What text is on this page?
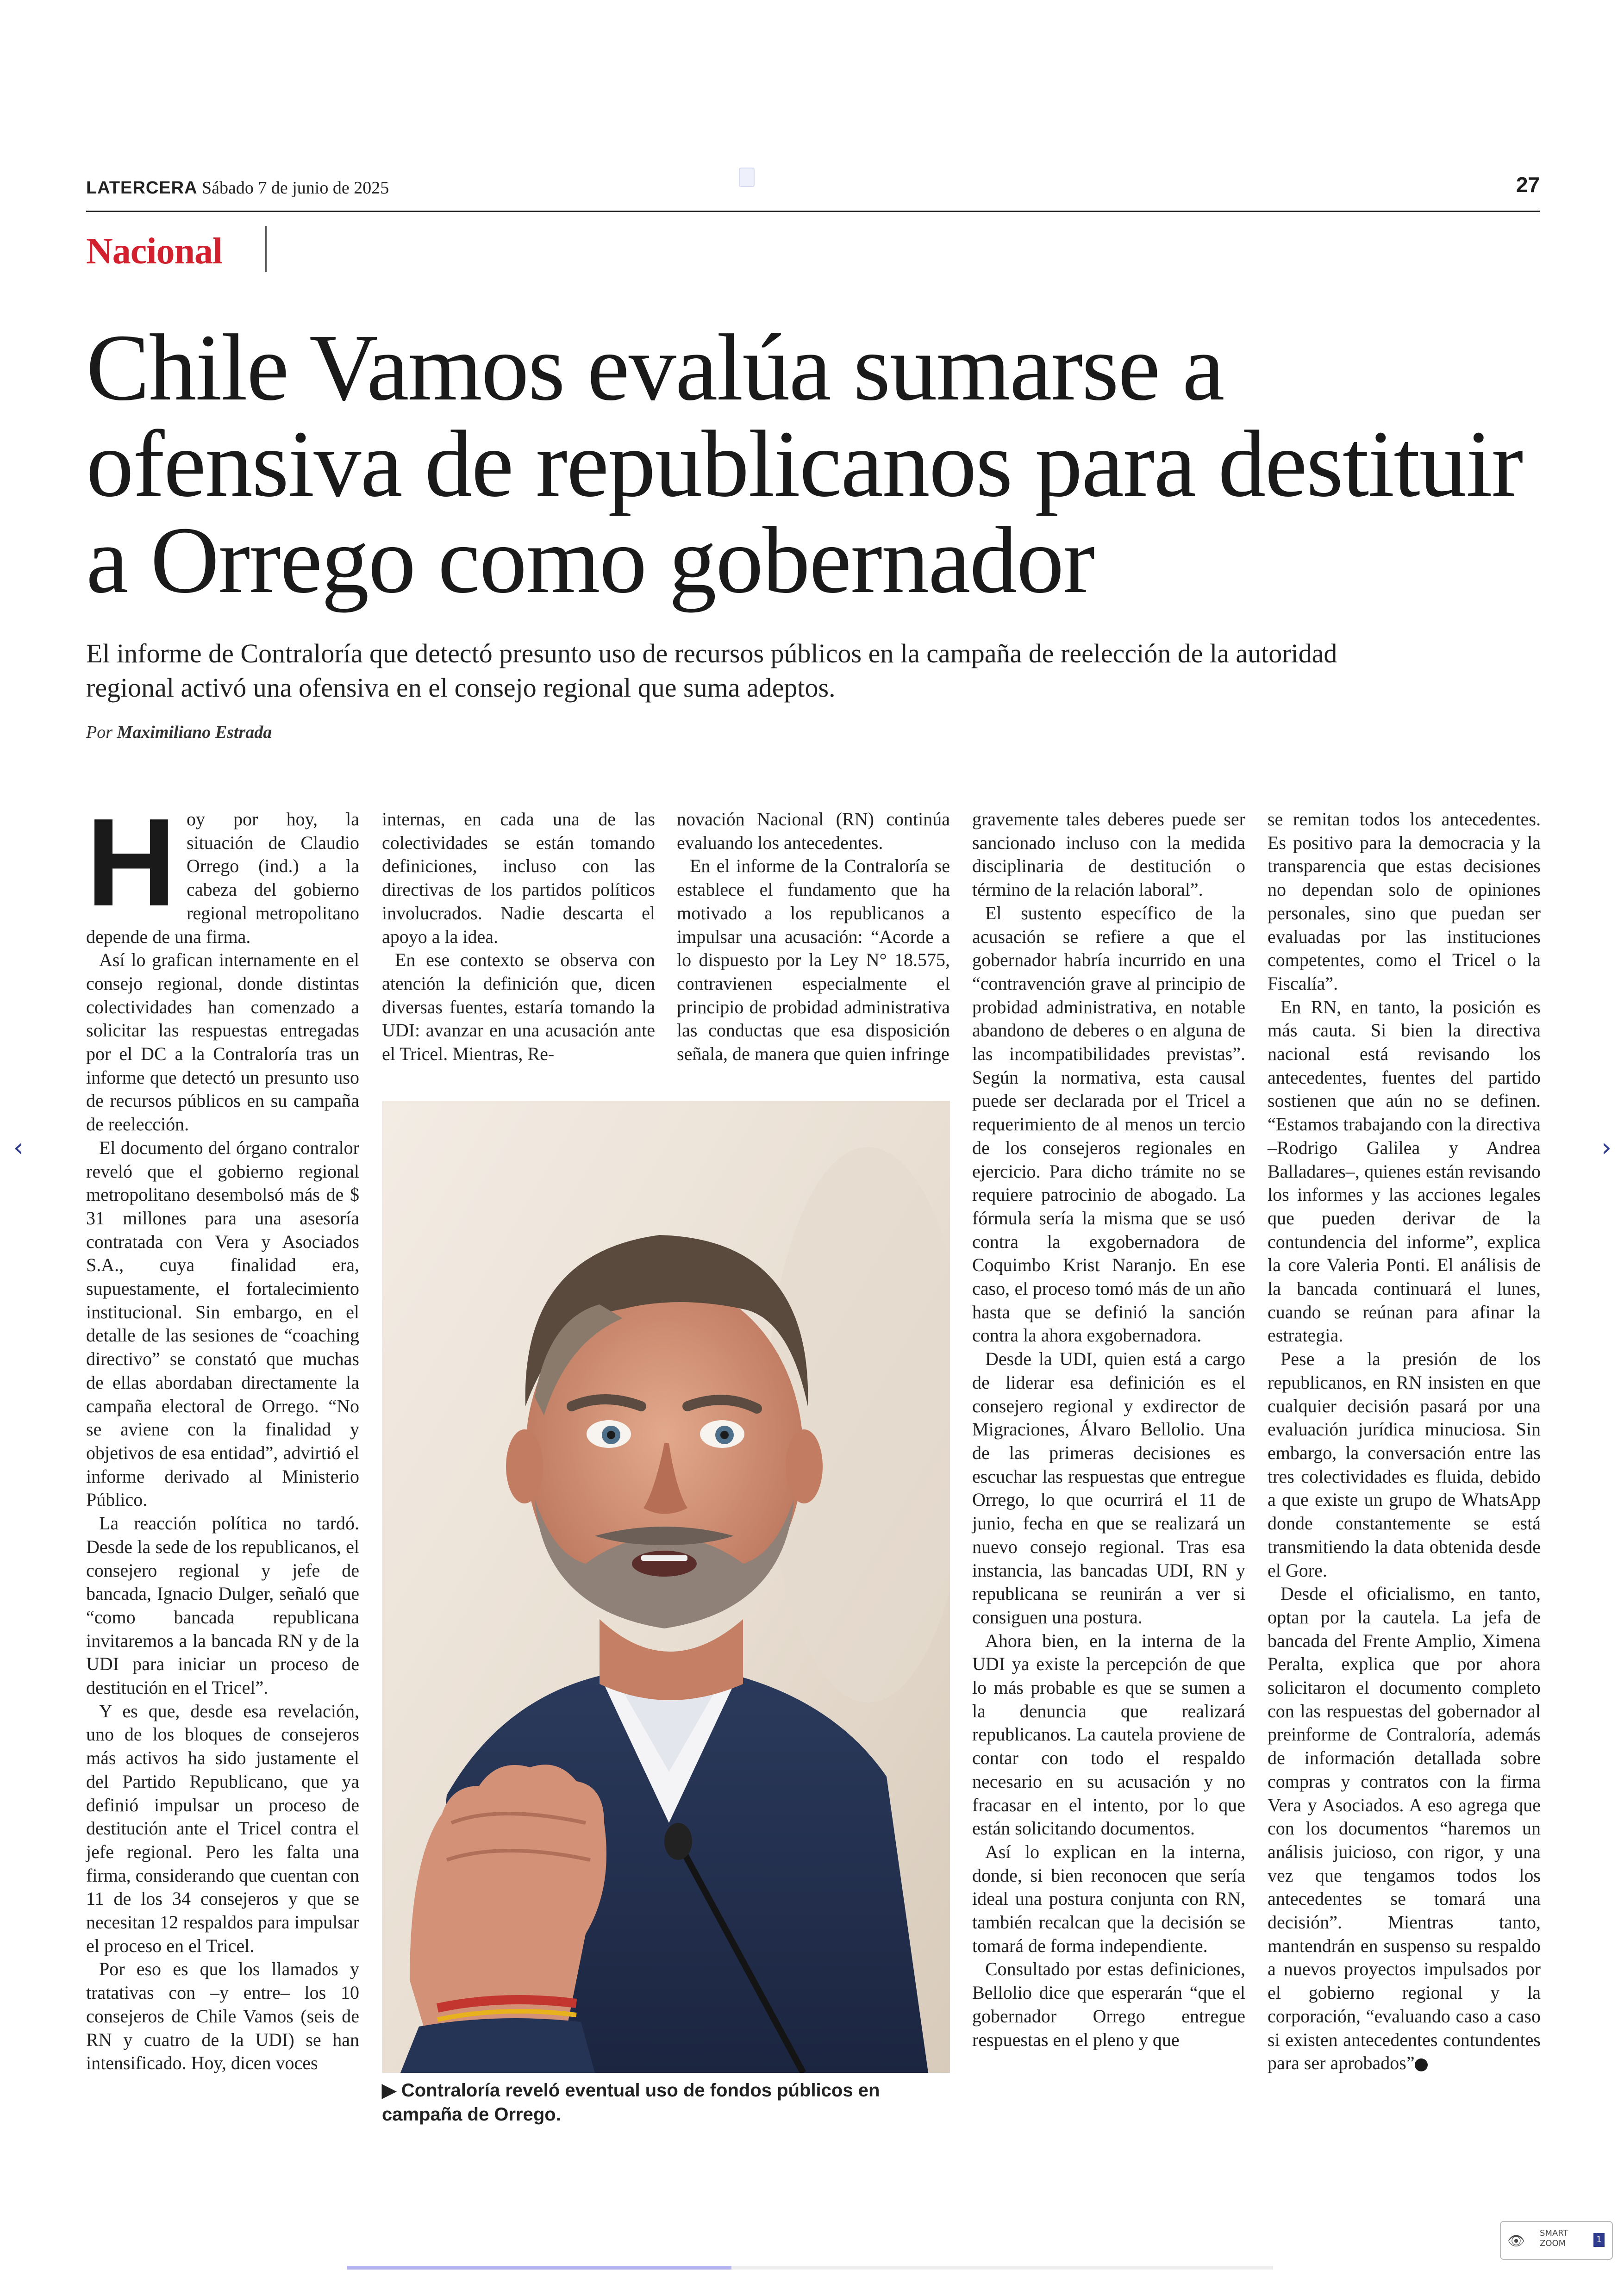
LATERCERA Sábado 7 de junio de 2025	27
Nacional
Chile Vamos evalúa sumarse a ofensiva de republicanos para destituir a Orrego como gobernador
El informe de Contraloría que detectó presunto uso de recursos públicos en la campaña de reelección de la autoridad regional activó una ofensiva en el consejo regional que suma adeptos.
Por Maximiliano Estrada

Hoy por hoy, la situación de Claudio Orrego (ind.) a la cabeza del gobierno regional metropolitano depende de una firma.

Así lo grafican internamente en el consejo regional, donde distintas colectividades han comenzado a solicitar las respuestas entregadas por el DC a la Contraloría tras un informe que detectó un presunto uso de recursos públicos en su campaña de reelección.

El documento del órgano contralor reveló que el gobierno regional metropolitano desembolsó más de $ 31 millones para una asesoría contratada con Vera y Asociados S.A., cuya finalidad era, supuestamente, el fortalecimiento institucional. Sin embargo, en el detalle de las sesiones de “coaching directivo” se constató que muchas de ellas abordaban directamente la campaña electoral de Orrego. “No se aviene con la finalidad y objetivos de esa entidad”, advirtió el informe derivado al Ministerio Público.

La reacción política no tardó. Desde la sede de los republicanos, el consejero regional y jefe de bancada, Ignacio Dulger, señaló que “como bancada republicana invitaremos a la bancada RN y de la UDI para iniciar un proceso de destitución en el Tricel”.

Y es que, desde esa revelación, uno de los bloques de consejeros más activos ha sido justamente el del Partido Republicano, que ya definió impulsar un proceso de destitución ante el Tricel contra el jefe regional. Pero les falta una firma, considerando que cuentan con 11 de los 34 consejeros y que se necesitan 12 respaldos para impulsar el proceso en el Tricel.

Por eso es que los llamados y tratativas con –y entre– los 10 consejeros de Chile Vamos (seis de RN y cuatro de la UDI) se han intensificado. Hoy, dicen voces

internas, en cada una de las colectividades se están tomando definiciones, incluso con las directivas de los partidos políticos involucrados. Nadie descarta el apoyo a la idea.

En ese contexto se observa con atención la definición que, dicen diversas fuentes, estaría tomando la UDI: avanzar en una acusación ante el Tricel. Mientras, Re-

novación Nacional (RN) continúa evaluando los antecedentes.

En el informe de la Contraloría se establece el fundamento que ha motivado a los republicanos a impulsar una acusación: “Acorde a lo dispuesto por la Ley N° 18.575, contravienen especialmente el principio de probidad administrativa las conductas que esa disposición señala, de manera que quien infringe

gravemente tales deberes puede ser sancionado incluso con la medida disciplinaria de destitución o término de la relación laboral”.

El sustento específico de la acusación se refiere a que el gobernador habría incurrido en una “contravención grave al principio de probidad administrativa, en notable abandono de deberes o en alguna de las incompatibilidades previstas”. Según la normativa, esta causal puede ser declarada por el Tricel a requerimiento de al menos un tercio de los consejeros regionales en ejercicio. Para dicho trámite no se requiere patrocinio de abogado. La fórmula sería la misma que se usó contra la exgobernadora de Coquimbo Krist Naranjo. En ese caso, el proceso tomó más de un año hasta que se definió la sanción contra la ahora exgobernadora.

Desde la UDI, quien está a cargo de liderar esa definición es el consejero regional y exdirector de Migraciones, Álvaro Bellolio. Una de las primeras decisiones es escuchar las respuestas que entregue Orrego, lo que ocurrirá el 11 de junio, fecha en que se realizará un nuevo consejo regional. Tras esa instancia, las bancadas UDI, RN y republicana se reunirán a ver si consiguen una postura.

Ahora bien, en la interna de la UDI ya existe la percepción de que lo más probable es que se sumen a la denuncia que realizará republicanos. La cautela proviene de contar con todo el respaldo necesario en su acusación y no fracasar en el intento, por lo que están solicitando documentos.

Así lo explican en la interna, donde, si bien reconocen que sería ideal una postura conjunta con RN, también recalcan que la decisión se tomará de forma independiente.

Consultado por estas definiciones, Bellolio dice que esperarán “que el gobernador Orrego entregue respuestas en el pleno y que

se remitan todos los antecedentes. Es positivo para la democracia y la transparencia que estas decisiones no dependan solo de opiniones personales, sino que puedan ser evaluadas por las instituciones competentes, como el Tricel o la Fiscalía”.

En RN, en tanto, la posición es más cauta. Si bien la directiva nacional está revisando los antecedentes, fuentes del partido sostienen que aún no se definen. “Estamos trabajando con la directiva –Rodrigo Galilea y Andrea Balladares–, quienes están revisando los informes y las acciones legales que pueden derivar de la contundencia del informe”, explica la core Valeria Ponti. El análisis de la bancada continuará el lunes, cuando se reúnan para afinar la estrategia.

Pese a la presión de los republicanos, en RN insisten en que cualquier decisión pasará por una evaluación jurídica minuciosa. Sin embargo, la conversación entre las tres colectividades es fluida, debido a que existe un grupo de WhatsApp donde constantemente se está transmitiendo la data obtenida desde el Gore.

Desde el oficialismo, en tanto, optan por la cautela. La jefa de bancada del Frente Amplio, Ximena Peralta, explica que por ahora solicitaron el documento completo con las respuestas del gobernador al preinforme de Contraloría, además de información detallada sobre compras y contratos con la firma Vera y Asociados. A eso agrega que con los documentos “haremos un análisis juicioso, con rigor, y una vez que tengamos todos los antecedentes se tomará una decisión”. Mientras tanto, mantendrán en suspenso su respaldo a nuevos proyectos impulsados por el gobierno regional y la corporación, “evaluando caso a caso si existen antecedentes contundentes para ser aprobados”

▶ Contraloría reveló eventual uso de fondos públicos en campaña de Orrego.
‹	›
👁 SMART ZOOM	1
